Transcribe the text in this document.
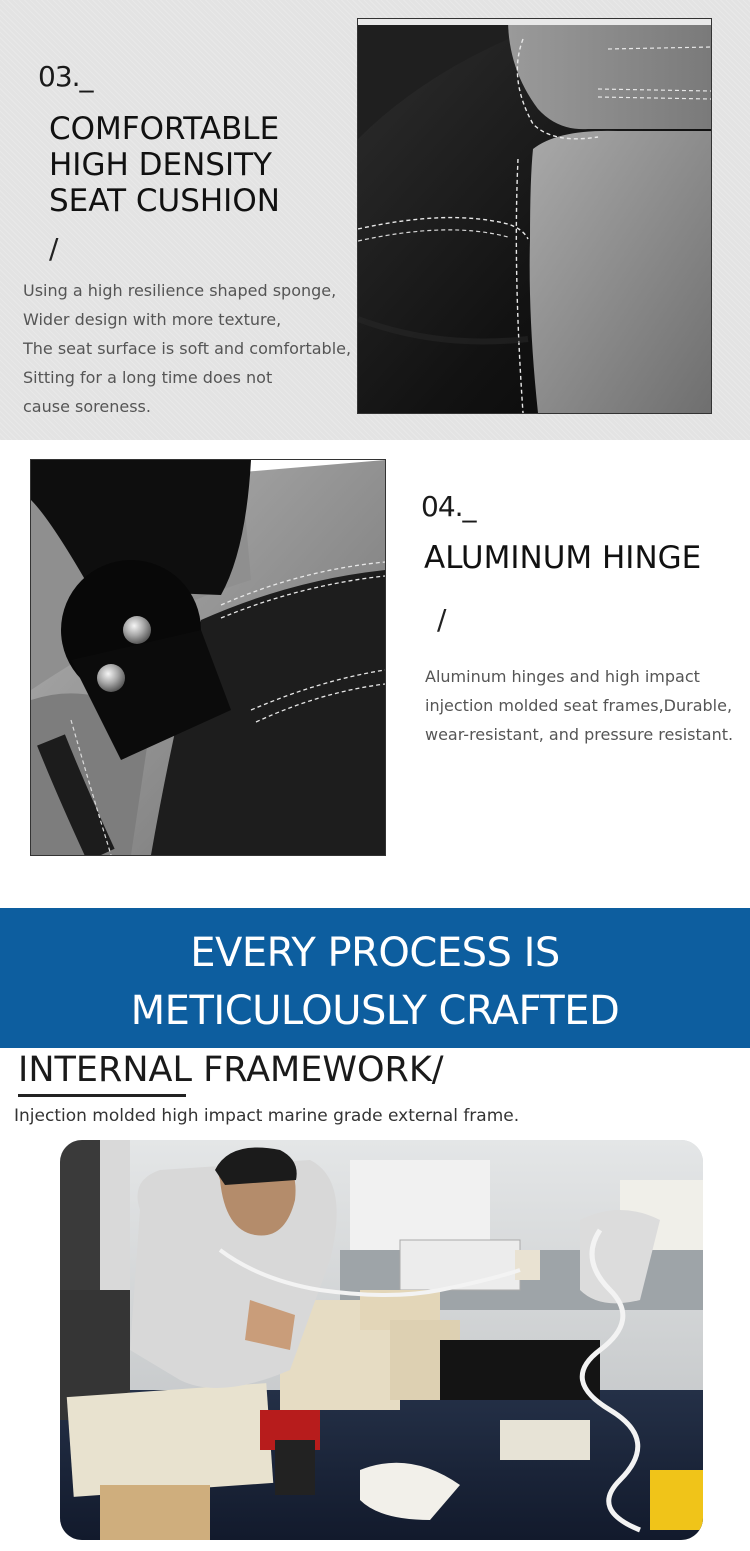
03._
COMFORTABLE
HIGH DENSITY
SEAT CUSHION
/
Using a high resilience shaped sponge,
Wider design with more texture,
The seat surface is soft and comfortable,
Sitting for a long time does not
cause soreness.
04._
ALUMINUM HINGE
/
Aluminum hinges and high impact
injection molded seat frames,Durable,
wear-resistant, and pressure resistant.
EVERY PROCESS IS
METICULOUSLY CRAFTED
INTERNAL FRAMEWORK/
Injection molded high impact marine grade external frame.
